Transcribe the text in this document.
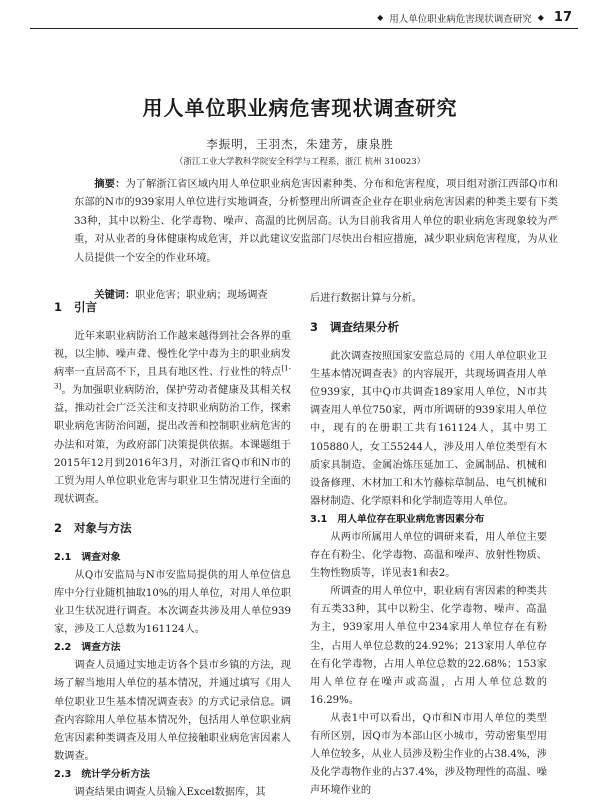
◆ 用人单位职业病危害现状调查研究 ◆ 17
用人单位职业病危害现状调查研究
李振明，王羽杰，朱建芳，康泉胜
（浙江工业大学教科学院安全科学与工程系，浙江 杭州 310023）
摘要：为了解浙江省区域内用人单位职业病危害因素种类、分布和危害程度，项目组对浙江西部Q市和东部的N市的939家用人单位进行实地调查，分析整理出所调查企业存在职业病危害因素的种类主要有下类33种，其中以粉尘、化学毒物、噪声、高温的比例居高。认为目前我省用人单位的职业病危害现象较为严重，对从业者的身体健康构成危害，并以此建议安监部门尽快出台相应措施，减少职业病危害程度，为从业人员提供一个安全的作业环境。
关键词：职业危害；职业病；现场调查
1 引言

近年来职业病防治工作越来越得到社会各界的重视，以尘肺、噪声聋、慢性化学中毒为主的职业病发病率一直居高不下，且具有地区性、行业性的特点[1-3]。为加强职业病防治，保护劳动者健康及其相关权益，推动社会广泛关注和支持职业病防治工作，探索职业病危害防治问题，提出改善和控制职业病危害的办法和对策，为政府部门决策提供依据。本课题组于2015年12月到2016年3月，对浙江省Q市和N市的工贸为用人单位职业危害与职业卫生情况进行全面的现状调查。

2 对象与方法
2.1 调查对象

从Q市安监局与N市安监局提供的用人单位信息库中分行业随机抽取10%的用人单位，对用人单位职业卫生状况进行调查。本次调查共涉及用人单位939家，涉及工人总数为161124人。

2.2 调查方法

调查人员通过实地走访各个县市乡镇的方法，现场了解当地用人单位的基本情况，并通过填写《用人单位职业卫生基本情况调查表》的方式记录信息。调查内容除用人单位基本情况外，包括用人单位职业病危害因素种类调查及用人单位接触职业病危害因素人数调查。

2.3 统计学分析方法

调查结果由调查人员输入Excel数据库，其

后进行数据计算与分析。

3 调查结果分析

此次调查按照国家安监总局的《用人单位职业卫生基本情况调查表》的内容展开，共现场调查用人单位939家，其中Q市共调查189家用人单位，N市共调查用人单位750家，两市所调研的939家用人单位中，现有的在册职工共有161124人，其中男工105880人，女工55244人，涉及用人单位类型有木质家具制造、金属冶炼压延加工、金属制品、机械和设备修理、木材加工和木竹藤棕草制品、电气机械和器材制造、化学原料和化学制造等用人单位。

3.1 用人单位存在职业病危害因素分布

从两市所属用人单位的调研来看，用人单位主要存在有粉尘、化学毒物、高温和噪声、放射性物质、生物性物质等，详见表1和表2。

所调查的用人单位中，职业病有害因素的种类共有五类33种，其中以粉尘、化学毒物、噪声、高温为主，939家用人单位中234家用人单位存在有粉尘，占用人单位总数的24.92%；213家用人单位存在有化学毒物，占用人单位总数的22.68%；153家用人单位存在噪声或高温，占用人单位总数的16.29%。

从表1中可以看出，Q市和N市用人单位的类型有所区别，因Q市为本部山区小城市，劳动密集型用人单位较多，从业人员涉及粉尘作业的占38.4%，涉及化学毒物作业的占37.4%，涉及物理性的高温、噪声环境作业的
